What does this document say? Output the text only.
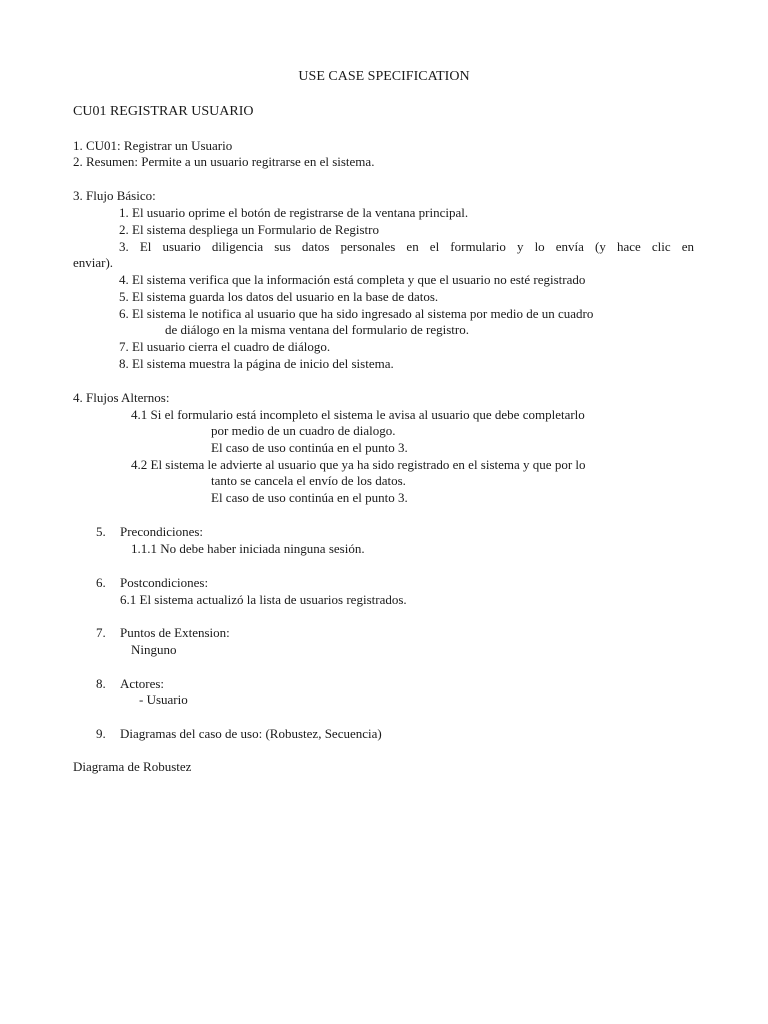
USE CASE SPECIFICATION
CU01 REGISTRAR USUARIO
1. CU01: Registrar un Usuario
2. Resumen: Permite a un usuario regitrarse en el sistema.
3. Flujo Básico:
1. El usuario oprime el botón de registrarse de la ventana principal.
2. El sistema despliega un Formulario de Registro
3. El usuario diligencia sus datos personales en el formulario y lo envía (y hace clic en
enviar).
4. El sistema verifica que la información está completa y que el usuario no esté registrado
5. El sistema guarda los datos del usuario en la base de datos.
6. El sistema le notifica al usuario que ha sido ingresado al sistema por medio de un cuadro
de diálogo en la misma ventana del formulario de registro.
7. El usuario cierra el cuadro de diálogo.
8. El sistema muestra la página de inicio del sistema.
4. Flujos Alternos:
4.1 Si el formulario está incompleto el sistema le avisa al usuario que debe completarlo
por medio de un cuadro de dialogo.
El caso de uso continúa en el punto 3.
4.2 El sistema le advierte al usuario que ya ha sido registrado en el sistema y que por lo
tanto se cancela el envío de los datos.
El caso de uso continúa en el punto 3.
5. Precondiciones:
1.1.1 No debe haber iniciada ninguna sesión.
6. Postcondiciones:
6.1 El sistema actualizó la lista de usuarios registrados.
7. Puntos de Extension:
Ninguno
8. Actores:
- Usuario
9. Diagramas del caso de uso: (Robustez, Secuencia)
Diagrama de Robustez
